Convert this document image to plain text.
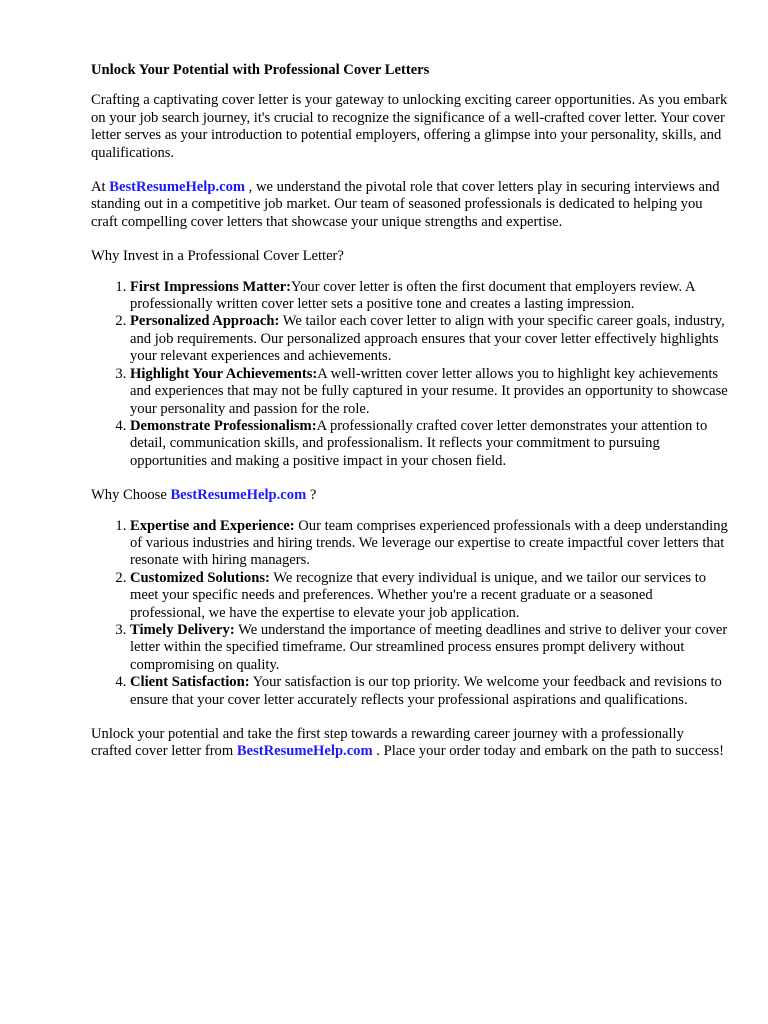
Unlock Your Potential with Professional Cover Letters

Crafting a captivating cover letter is your gateway to unlocking exciting career opportunities. As you embark on your job search journey, it's crucial to recognize the significance of a well-crafted cover letter. Your cover letter serves as your introduction to potential employers, offering a glimpse into your personality, skills, and qualifications.

At BestResumeHelp.com , we understand the pivotal role that cover letters play in securing interviews and standing out in a competitive job market. Our team of seasoned professionals is dedicated to helping you craft compelling cover letters that showcase your unique strengths and expertise.

Why Invest in a Professional Cover Letter?

1. First Impressions Matter:Your cover letter is often the first document that employers review. A professionally written cover letter sets a positive tone and creates a lasting impression.
2. Personalized Approach: We tailor each cover letter to align with your specific career goals, industry, and job requirements. Our personalized approach ensures that your cover letter effectively highlights your relevant experiences and achievements.
3. Highlight Your Achievements:A well-written cover letter allows you to highlight key achievements and experiences that may not be fully captured in your resume. It provides an opportunity to showcase your personality and passion for the role.
4. Demonstrate Professionalism:A professionally crafted cover letter demonstrates your attention to detail, communication skills, and professionalism. It reflects your commitment to pursuing opportunities and making a positive impact in your chosen field.

Why Choose BestResumeHelp.com ?

1. Expertise and Experience: Our team comprises experienced professionals with a deep understanding of various industries and hiring trends. We leverage our expertise to create impactful cover letters that resonate with hiring managers.
2. Customized Solutions: We recognize that every individual is unique, and we tailor our services to meet your specific needs and preferences. Whether you're a recent graduate or a seasoned professional, we have the expertise to elevate your job application.
3. Timely Delivery: We understand the importance of meeting deadlines and strive to deliver your cover letter within the specified timeframe. Our streamlined process ensures prompt delivery without compromising on quality.
4. Client Satisfaction: Your satisfaction is our top priority. We welcome your feedback and revisions to ensure that your cover letter accurately reflects your professional aspirations and qualifications.

Unlock your potential and take the first step towards a rewarding career journey with a professionally crafted cover letter from BestResumeHelp.com . Place your order today and embark on the path to success!
